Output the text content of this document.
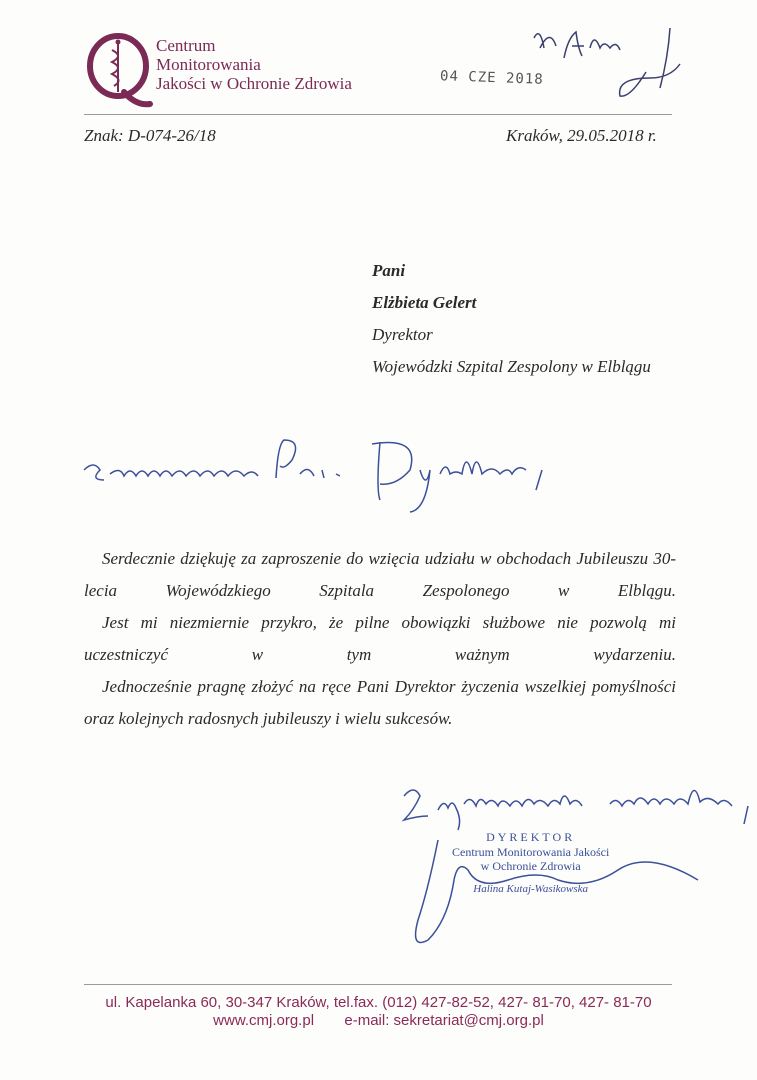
Centrum
Monitorowania
Jakości w Ochronie Zdrowia	04 CZE 2018
Znak: D-074-26/18	Kraków, 29.05.2018 r.
Pani
Elżbieta Gelert
Dyrektor
Wojewódzki Szpital Zespolony w Elblągu

Serdecznie dziękuję za zaproszenie do wzięcia udziału w obchodach Jubileuszu 30-lecia Wojewódzkiego Szpitala Zespolonego w Elblągu.

Jest mi niezmiernie przykro, że pilne obowiązki służbowe nie pozwolą mi uczestniczyć w tym ważnym wydarzeniu.

Jednocześnie pragnę złożyć na ręce Pani Dyrektor życzenia wszelkiej pomyślności oraz kolejnych radosnych jubileuszy i wielu sukcesów.

DYREKTOR
Centrum Monitorowania Jakości
w Ochronie Zdrowia
Halina Kutaj-Wasikowska
ul. Kapelanka 60, 30-347 Kraków, tel.fax. (012) 427-82-52, 427- 81-70, 427- 81-70
www.cmj.org.pl e-mail: sekretariat@cmj.org.pl
